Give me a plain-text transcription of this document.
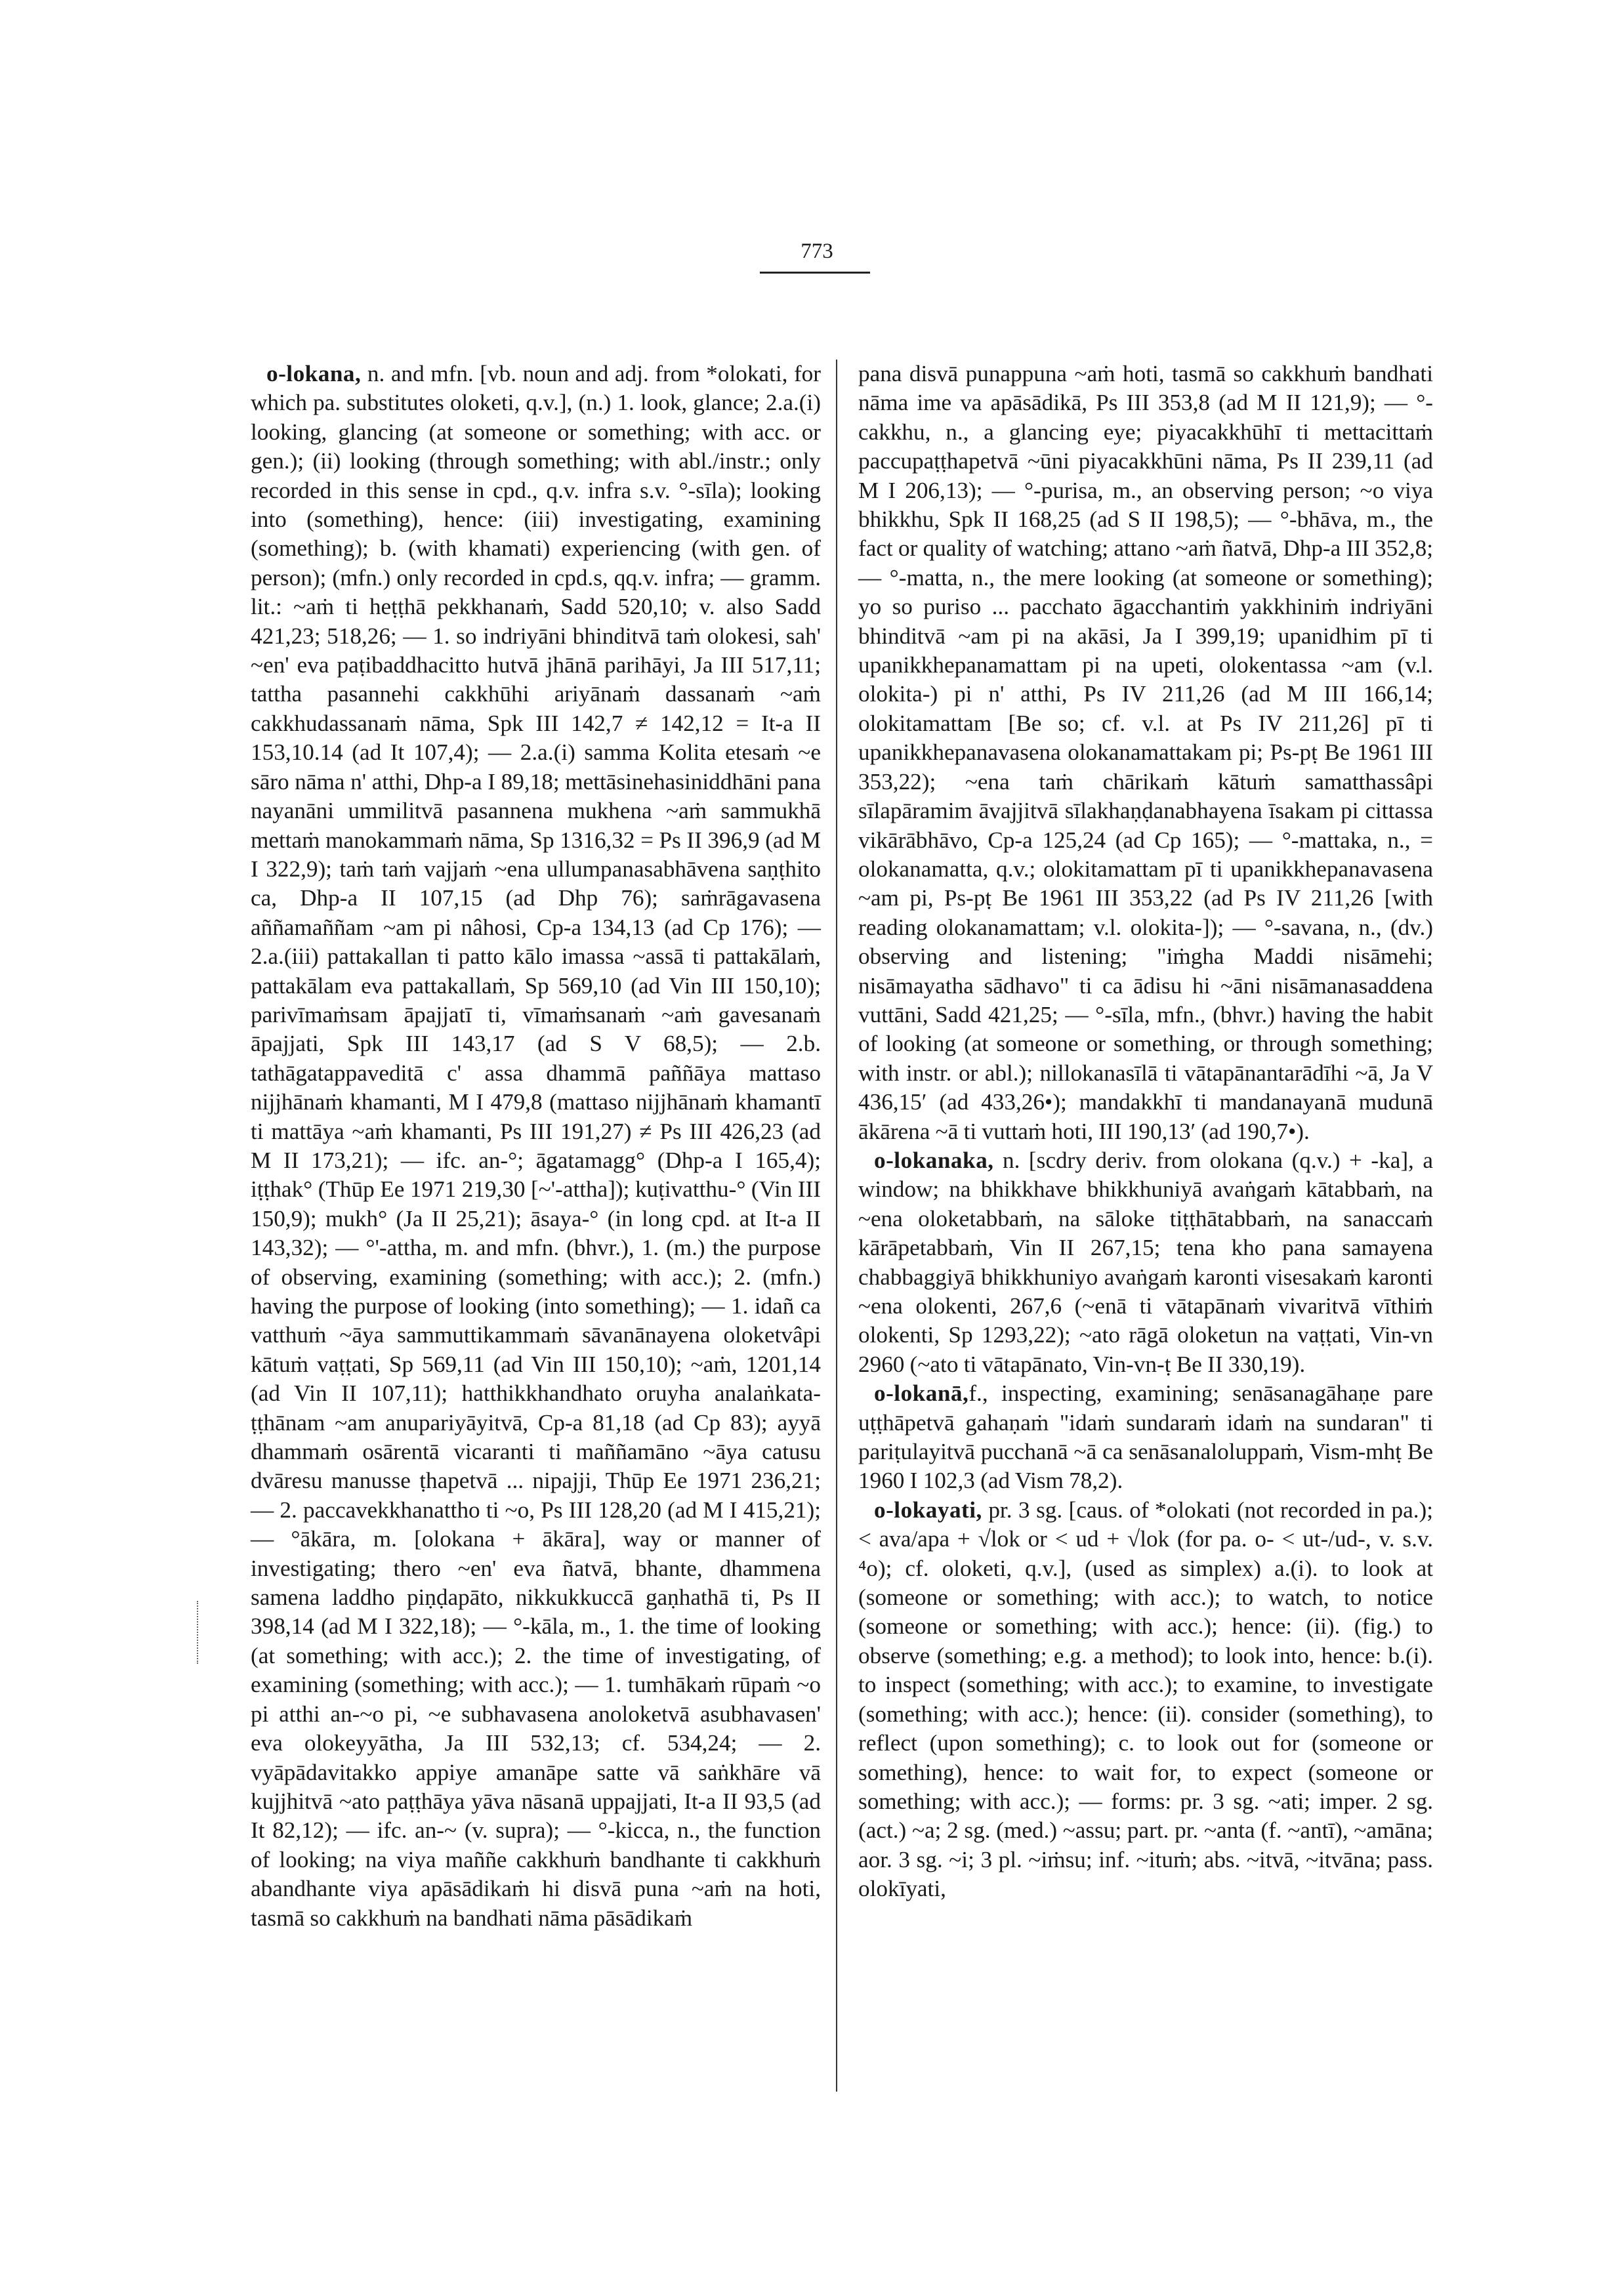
773

o-lokana, n. and mfn. [vb. noun and adj. from *olokati, for which pa. substitutes oloketi, q.v.], (n.) 1. look, glance; 2.a.(i) looking, glancing (at someone or something; with acc. or gen.); (ii) looking (through something; with abl./instr.; only recorded in this sense in cpd., q.v. infra s.v. °-sīla); looking into (something), hence: (iii) investigating, examining (something); b. (with khamati) experiencing (with gen. of person); (mfn.) only recorded in cpd.s, qq.v. infra; — gramm. lit.: ~aṁ ti heṭṭhā pekkhanaṁ, Sadd 520,10; v. also Sadd 421,23; 518,26; — 1. so indriyāni bhinditvā taṁ olokesi, sah' ~en' eva paṭibaddhacitto hutvā jhānā parihāyi, Ja III 517,11; tattha pasannehi cakkhūhi ariyānaṁ dassanaṁ ~aṁ cakkhudassanaṁ nāma, Spk III 142,7 ≠ 142,12 = It-a II 153,10.14 (ad It 107,4); — 2.a.(i) samma Kolita etesaṁ ~e sāro nāma n' atthi, Dhp-a I 89,18; mettāsinehasiniddhāni pana nayanāni ummilitvā pasannena mukhena ~aṁ sammukhā mettaṁ manokammaṁ nāma, Sp 1316,32 = Ps II 396,9 (ad M I 322,9); taṁ taṁ vajjaṁ ~ena ullumpanasabhāvena saṇṭhito ca, Dhp-a II 107,15 (ad Dhp 76); saṁrāgavasena aññamaññam ~am pi nâhosi, Cp-a 134,13 (ad Cp 176); — 2.a.(iii) pattakallan ti patto kālo imassa ~assā ti pattakālaṁ, pattakālam eva pattakallaṁ, Sp 569,10 (ad Vin III 150,10); parivīmaṁsam āpajjatī ti, vīmaṁsanaṁ ~aṁ gavesanaṁ āpajjati, Spk III 143,17 (ad S V 68,5); — 2.b. tathāgatappaveditā c' assa dhammā paññāya mattaso nijjhānaṁ khamanti, M I 479,8 (mattaso nijjhānaṁ khamantī ti mattāya ~aṁ khamanti, Ps III 191,27) ≠ Ps III 426,23 (ad M II 173,21); — ifc. an-°; āgatamagg° (Dhp-a I 165,4); iṭṭhak° (Thūp Ee 1971 219,30 [~'-attha]); kuṭivatthu-° (Vin III 150,9); mukh° (Ja II 25,21); āsaya-° (in long cpd. at It-a II 143,32); — °'-attha, m. and mfn. (bhvr.), 1. (m.) the purpose of observing, examining (something; with acc.); 2. (mfn.) having the purpose of looking (into something); — 1. idañ ca vatthuṁ ~āya sammuttikammaṁ sāvanānayena oloketvâpi kātuṁ vaṭṭati, Sp 569,11 (ad Vin III 150,10); ~aṁ, 1201,14 (ad Vin II 107,11); hatthikkhandhato oruyha analaṅkata-ṭṭhānam ~am anupariyāyitvā, Cp-a 81,18 (ad Cp 83); ayyā dhammaṁ osārentā vicaranti ti maññamāno ~āya catusu dvāresu manusse ṭhapetvā ... nipajji, Thūp Ee 1971 236,21; — 2. paccavekkhanattho ti ~o, Ps III 128,20 (ad M I 415,21); — °ākāra, m. [olokana + ākāra], way or manner of investigating; thero ~en' eva ñatvā, bhante, dhammena samena laddho piṇḍapāto, nikkukkuccā gaṇhathā ti, Ps II 398,14 (ad M I 322,18); — °-kāla, m., 1. the time of looking (at something; with acc.); 2. the time of investigating, of examining (something; with acc.); — 1. tumhākaṁ rūpaṁ ~o pi atthi an-~o pi, ~e subhavasena anoloketvā asubhavasen' eva olokeyyātha, Ja III 532,13; cf. 534,24; — 2. vyāpādavitakko appiye amanāpe satte vā saṅkhāre vā kujjhitvā ~ato paṭṭhāya yāva nāsanā uppajjati, It-a II 93,5 (ad It 82,12); — ifc. an-~ (v. supra); — °-kicca, n., the function of looking; na viya maññe cakkhuṁ bandhante ti cakkhuṁ abandhante viya apāsādikaṁ hi disvā puna ~aṁ na hoti, tasmā so cakkhuṁ na bandhati nāma pāsādikaṁ

pana disvā punappuna ~aṁ hoti, tasmā so cakkhuṁ bandhati nāma ime va apāsādikā, Ps III 353,8 (ad M II 121,9); — °-cakkhu, n., a glancing eye; piyacakkhūhī ti mettacittaṁ paccupaṭṭhapetvā ~ūni piyacakkhūni nāma, Ps II 239,11 (ad M I 206,13); — °-purisa, m., an observing person; ~o viya bhikkhu, Spk II 168,25 (ad S II 198,5); — °-bhāva, m., the fact or quality of watching; attano ~aṁ ñatvā, Dhp-a III 352,8; — °-matta, n., the mere looking (at someone or something); yo so puriso ... pacchato āgacchantiṁ yakkhiniṁ indriyāni bhinditvā ~am pi na akāsi, Ja I 399,19; upanidhim pī ti upanikkhepanamattam pi na upeti, olokentassa ~am (v.l. olokita-) pi n' atthi, Ps IV 211,26 (ad M III 166,14; olokitamattam [Be so; cf. v.l. at Ps IV 211,26] pī ti upanikkhepanavasena olokanamattakam pi; Ps-pṭ Be 1961 III 353,22); ~ena taṁ chārikaṁ kātuṁ samatthassâpi sīlapāramim āvajjitvā sīlakhaṇḍanabhayena īsakam pi cittassa vikārābhāvo, Cp-a 125,24 (ad Cp 165); — °-mattaka, n., = olokanamatta, q.v.; olokitamattam pī ti upanikkhepanavasena ~am pi, Ps-pṭ Be 1961 III 353,22 (ad Ps IV 211,26 [with reading olokanamattam; v.l. olokita-]); — °-savana, n., (dv.) observing and listening; "iṁgha Maddi nisāmehi; nisāmayatha sādhavo" ti ca ādisu hi ~āni nisāmanasaddena vuttāni, Sadd 421,25; — °-sīla, mfn., (bhvr.) having the habit of looking (at someone or something, or through something; with instr. or abl.); nillokanasīlā ti vātapānantarādīhi ~ā, Ja V 436,15′ (ad 433,26•); mandakkhī ti mandanayanā mudunā ākārena ~ā ti vuttaṁ hoti, III 190,13′ (ad 190,7•).

o-lokanaka, n. [scdry deriv. from olokana (q.v.) + -ka], a window; na bhikkhave bhikkhuniyā avaṅgaṁ kātabbaṁ, na ~ena oloketabbaṁ, na sāloke tiṭṭhātabbaṁ, na sanaccaṁ kārāpetabbaṁ, Vin II 267,15; tena kho pana samayena chabbaggiyā bhikkhuniyo avaṅgaṁ karonti visesakaṁ karonti ~ena olokenti, 267,6 (~enā ti vātapānaṁ vivaritvā vīthiṁ olokenti, Sp 1293,22); ~ato rāgā oloketun na vaṭṭati, Vin-vn 2960 (~ato ti vātapānato, Vin-vn-ṭ Be II 330,19).

o-lokanā,f., inspecting, examining; senāsanagāhaṇe pare uṭṭhāpetvā gahaṇaṁ "idaṁ sundaraṁ idaṁ na sundaran" ti pariṭulayitvā pucchanā ~ā ca senāsanaloluppaṁ, Vism-mhṭ Be 1960 I 102,3 (ad Vism 78,2).

o-lokayati, pr. 3 sg. [caus. of *olokati (not recorded in pa.); < ava/apa + √lok or < ud + √lok (for pa. o- < ut-/ud-, v. s.v. ⁴o); cf. oloketi, q.v.], (used as simplex) a.(i). to look at (someone or something; with acc.); to watch, to notice (someone or something; with acc.); hence: (ii). (fig.) to observe (something; e.g. a method); to look into, hence: b.(i). to inspect (something; with acc.); to examine, to investigate (something; with acc.); hence: (ii). consider (something), to reflect (upon something); c. to look out for (someone or something), hence: to wait for, to expect (someone or something; with acc.); — forms: pr. 3 sg. ~ati; imper. 2 sg. (act.) ~a; 2 sg. (med.) ~assu; part. pr. ~anta (f. ~antī), ~amāna; aor. 3 sg. ~i; 3 pl. ~iṁsu; inf. ~ituṁ; abs. ~itvā, ~itvāna; pass. olokīyati,
